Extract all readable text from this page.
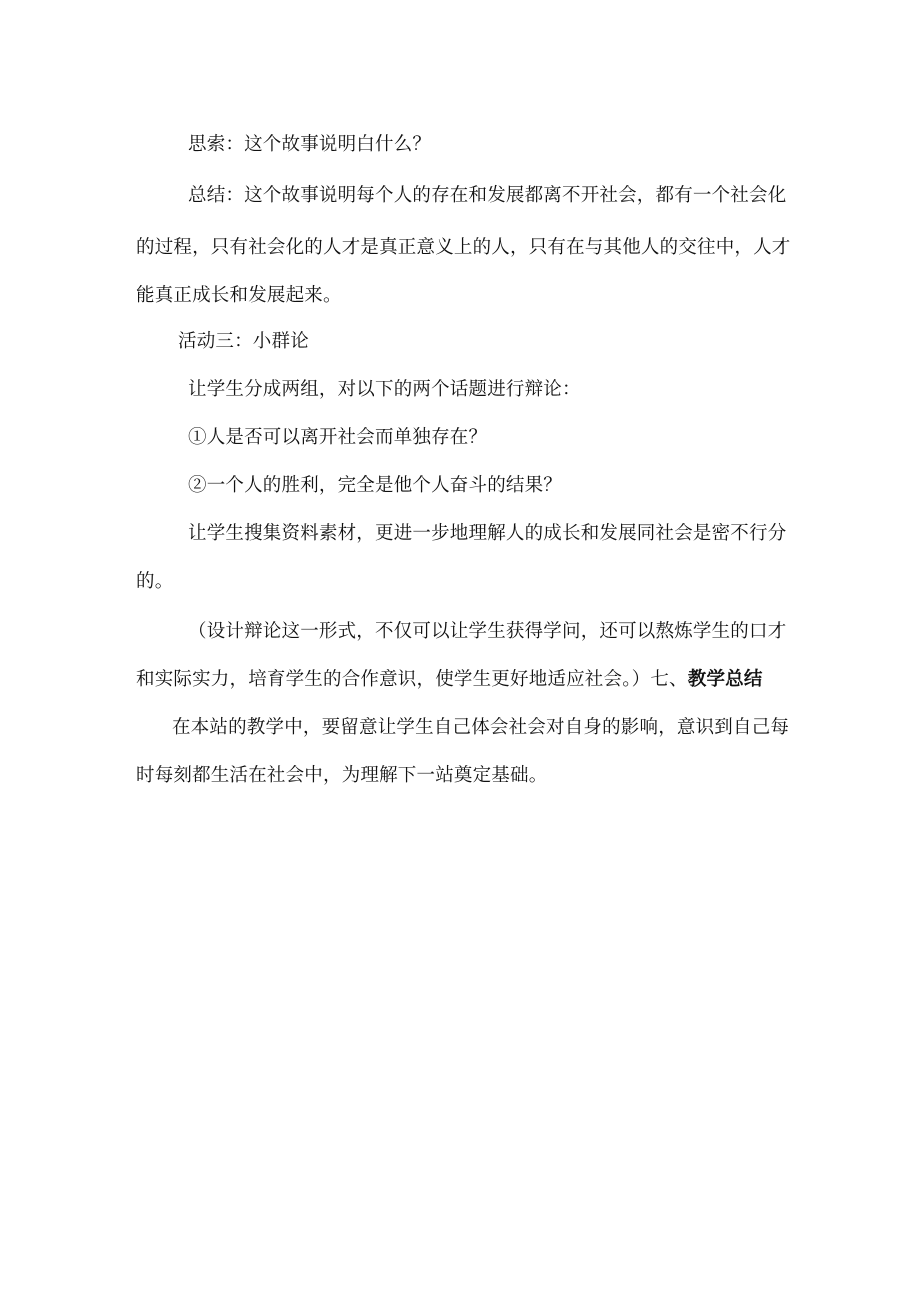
思索：这个故事说明白什么？
总结：这个故事说明每个人的存在和发展都离不开社会，都有一个社会化
的过程，只有社会化的人才是真正意义上的人，只有在与其他人的交往中，人才
能真正成长和发展起来。
活动三：小群论
让学生分成两组，对以下的两个话题进行辩论：
①人是否可以离开社会而单独存在？
②一个人的胜利，完全是他个人奋斗的结果？
让学生搜集资料素材，更进一步地理解人的成长和发展同社会是密不行分
的。
（设计辩论这一形式，不仅可以让学生获得学问，还可以熬炼学生的口才
和实际实力，培育学生的合作意识，使学生更好地适应社会。）七、教学总结
在本站的教学中，要留意让学生自己体会社会对自身的影响，意识到自己每
时每刻都生活在社会中，为理解下一站奠定基础。
